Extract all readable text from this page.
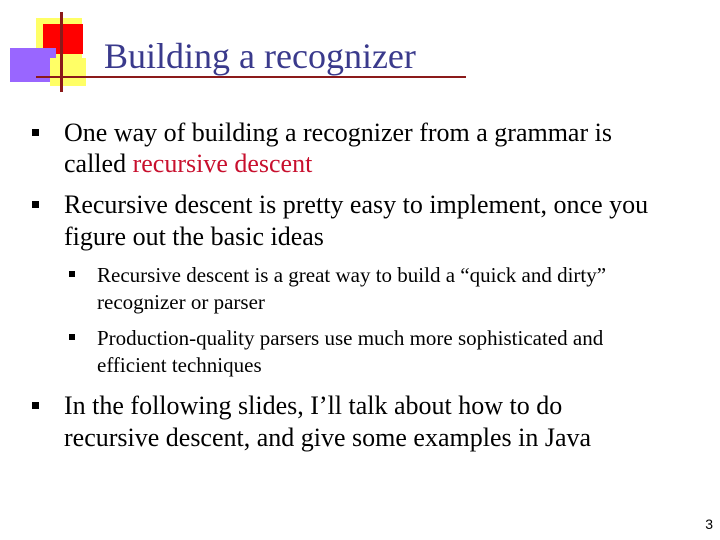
Building a recognizer
One way of building a recognizer from a grammar is
called recursive descent
Recursive descent is pretty easy to implement, once you
figure out the basic ideas
Recursive descent is a great way to build a “quick and dirty”
recognizer or parser
Production-quality parsers use much more sophisticated and
efficient techniques
In the following slides, I’ll talk about how to do
recursive descent, and give some examples in Java
3
